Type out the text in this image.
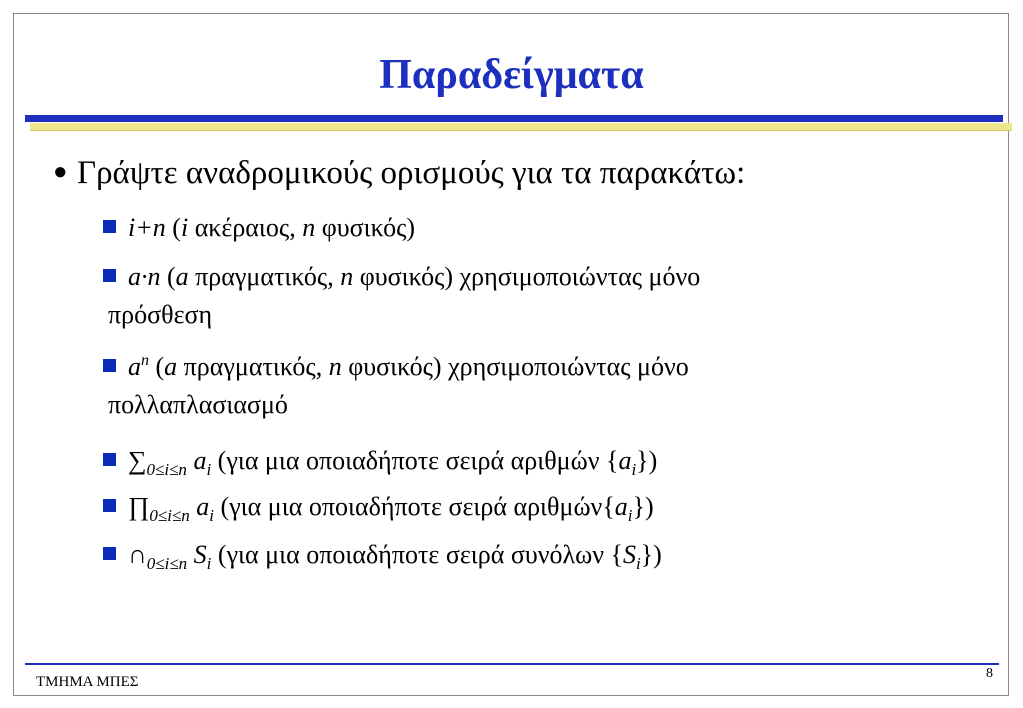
Παραδείγματα
● Γράψτε αναδρομικούς ορισμούς για τα παρακάτω:
i+n (i ακέραιος, n φυσικός)
a·n (a πραγματικός, n φυσικός) χρησιμοποιώντας μόνο
πρόσθεση
$a^n$ (a πραγματικός, n φυσικός) χρησιμοποιώντας μόνο
πολλαπλασιασμό
$\sum_{0\le i\le n}$ $a_i$ (για μια οποιαδήποτε σειρά αριθμών $\{a_i\}$)
$\prod_{0\le i\le n}$ $a_i$ (για μια οποιαδήποτε σειρά $\alpha\rho\iota\theta\mu ώ\nu\{a_i\}$)
$\cap_{0\le i\le n}$ $S_i$ (για μια οποιαδήποτε σειρά συνόλων $\{S_i\}$)
ΤΜΗΜΑ ΜΠΕΣ
8
